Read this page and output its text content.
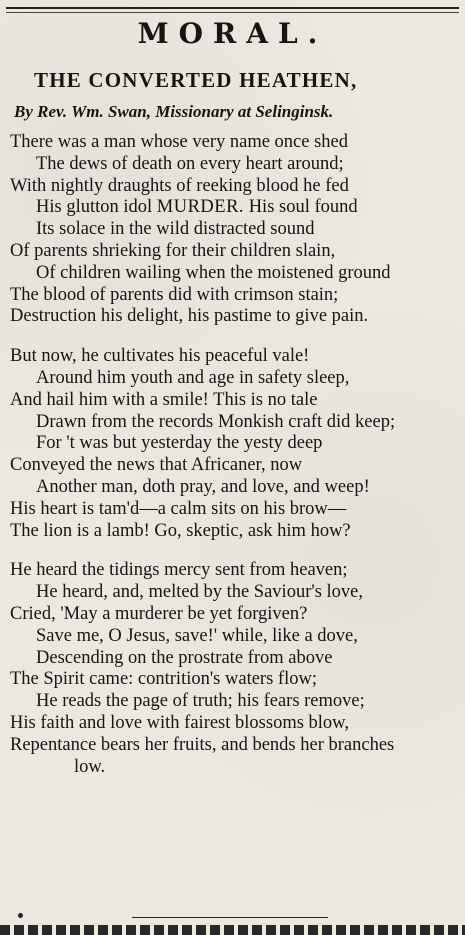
MORAL.
THE CONVERTED HEATHEN,
By Rev. Wm. Swan, Missionary at Selinginsk.
There was a man whose very name once shed
The dews of death on every heart around;
With nightly draughts of reeking blood he fed
His glutton idol MURDER. His soul found
Its solace in the wild distracted sound
Of parents shrieking for their children slain,
Of children wailing when the moistened ground
The blood of parents did with crimson stain;
Destruction his delight, his pastime to give pain.
But now, he cultivates his peaceful vale!
Around him youth and age in safety sleep,
And hail him with a smile! This is no tale
Drawn from the records Monkish craft did keep;
For 't was but yesterday the yesty deep
Conveyed the news that Africaner, now
Another man, doth pray, and love, and weep!
His heart is tam'd—a calm sits on his brow—
The lion is a lamb! Go, skeptic, ask him how?
He heard the tidings mercy sent from heaven;
He heard, and, melted by the Saviour's love,
Cried, 'May a murderer be yet forgiven?
Save me, O Jesus, save!' while, like a dove,
Descending on the prostrate from above
The Spirit came: contrition's waters flow;
He reads the page of truth; his fears remove;
His faith and love with fairest blossoms blow,
Repentance bears her fruits, and bends her branches
low.
